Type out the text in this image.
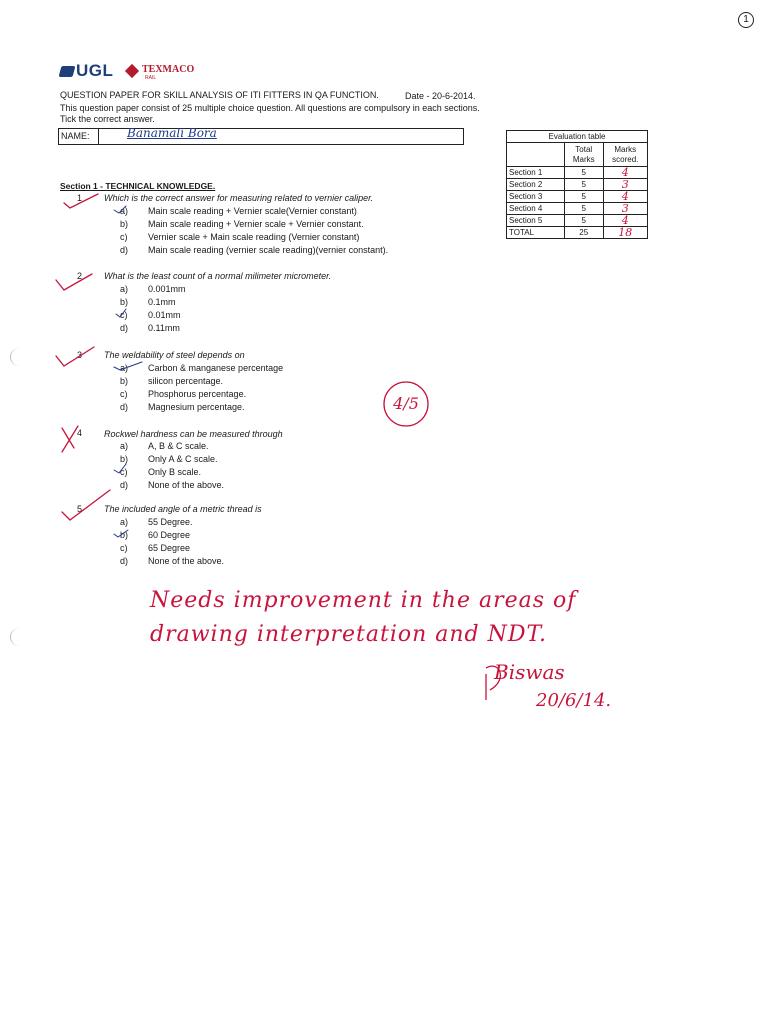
1
UGL	TEXMACO
RAIL
QUESTION PAPER FOR SKILL ANALYSIS OF ITI FITTERS IN QA FUNCTION.	Date - 20-6-2014.
This question paper consist of 25 multiple choice question. All questions are compulsory in each sections.
Tick the correct answer.
NAME:	Banamali Bora	Evaluation table		
	Total Marks	Marks scored.
Section 1	5	4
Section 2	5	3
Section 3	5	4
Section 4	5	3
Section 5	5	4
TOTAL	25	18
Section 1 - TECHNICAL KNOWLEDGE.
1 Which is the correct answer for measuring related to vernier caliper.
a) Main scale reading + Vernier scale(Vernier constant)
b) Main scale reading + Vernier scale + Vernier constant.
c) Vernier scale + Main scale reading (Vernier constant)
d) Main scale reading (vernier scale reading)(vernier constant).
2 What is the least count of a normal milimeter micrometer.
a) 0.001mm
b) 0.1mm
c) 0.01mm
d) 0.11mm
3 The weldability of steel depends on
a) Carbon & manganese percentage
b) silicon percentage.
c) Phosphorus percentage.
d) Magnesium percentage.
4 Rockwel hardness can be measured through
a) A, B & C scale.
b) Only A & C scale.
c) Only B scale.
d) None of the above.
5 The included angle of a metric thread is
a) 55 Degree.
b) 60 Degree
c) 65 Degree
d) None of the above.
4/5
Needs improvement in the areas of
drawing interpretation and NDT.
Biswas
20/6/14.
